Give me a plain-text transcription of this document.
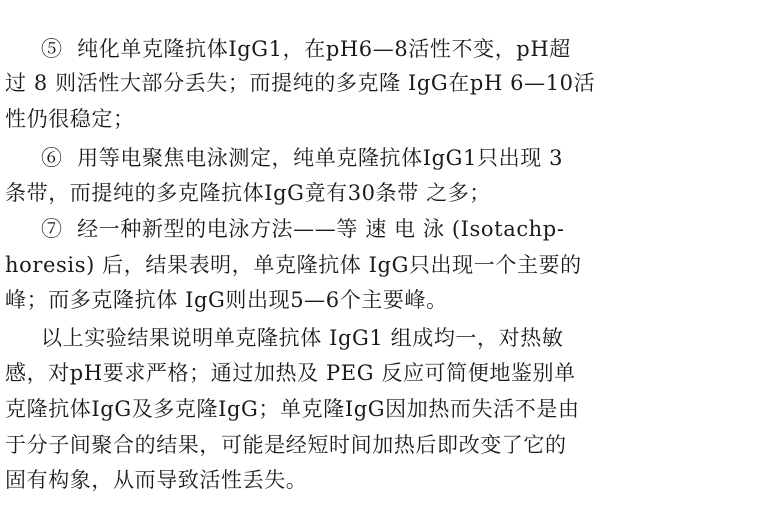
⑤  纯化单克隆抗体IgG1，在pH6—8活性不变，pH超
过 8 则活性大部分丢失；而提纯的多克隆 IgG在pH 6—10活
性仍很稳定；
⑥  用等电聚焦电泳测定，纯单克隆抗体IgG1只出现 3
条带，而提纯的多克隆抗体IgG竟有30条带 之多；
⑦  经一种新型的电泳方法——等 速 电 泳 (Isotachp-
horesis) 后，结果表明，单克隆抗体 IgG只出现一个主要的
峰；而多克隆抗体 IgG则出现5—6个主要峰。
以上实验结果说明单克隆抗体 IgG1 组成均一，对热敏
感，对pH要求严格；通过加热及 PEG 反应可简便地鉴别单
克隆抗体IgG及多克隆IgG；单克隆IgG因加热而失活不是由
于分子间聚合的结果，可能是经短时间加热后即改变了它的
固有构象，从而导致活性丢失。
